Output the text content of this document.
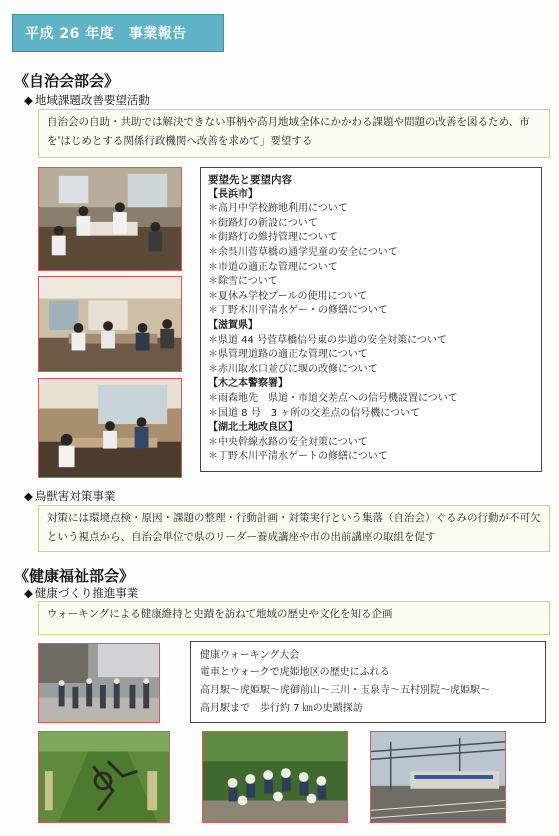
平成 26 年度　事業報告
《自治会部会》
◆ 地域課題改善要望活動
自治会の自助・共助では解決できない事柄や高月地域全体にかかわる課題や問題の改善を図るため、市を'はじめとする関係行政機関へ改善を求めて」要望する
要望先と要望内容
【長浜市】
＊高月中学校跡地利用について
＊街路灯の新設について
＊街路灯の維持管理について
＊余呉川菅草橋の通学児童の安全について
＊市道の適正な管理について
＊除雪について
＊夏休み学校プールの使用について
＊丁野木川平清水ゲー・の修繕について
【滋賀県】
＊県道 44 号菅草橋信号東の歩道の安全対策について
＊県管理道路の適正な管理について
＊赤川取水口並びに堰の改修について
【木之本警察署】
＊雨森地先　県道・市道交差点への信号機設置について
＊国道 8 号　3 ヶ所の交差点の信号機について
【湖北土地改良区】
＊中央幹線水路の安全対策について
＊丁野木川平清水ゲートの修繕について
◆ 鳥獣害対策事業
対策には環境点検・原因・課題の整理・行動計画・対策実行という集落（自治会）ぐるみの行動が不可欠という視点から、自治会単位で県のリーダー養成講座や市の出前講座の取組を促す
《健康福祉部会》
◆ 健康づくり推進事業
ウォーキングによる健康維持と史蹟を訪ねて地域の歴史や文化を知る企画
健康ウォーキング大会
電車とウォークで虎姫地区の歴史にふれる
高月駅～虎姫駅～虎御前山～三川・玉泉寺～五村別院～虎姫駅～
高月駅まで　歩行約 7 ㎞の史蹟探訪
